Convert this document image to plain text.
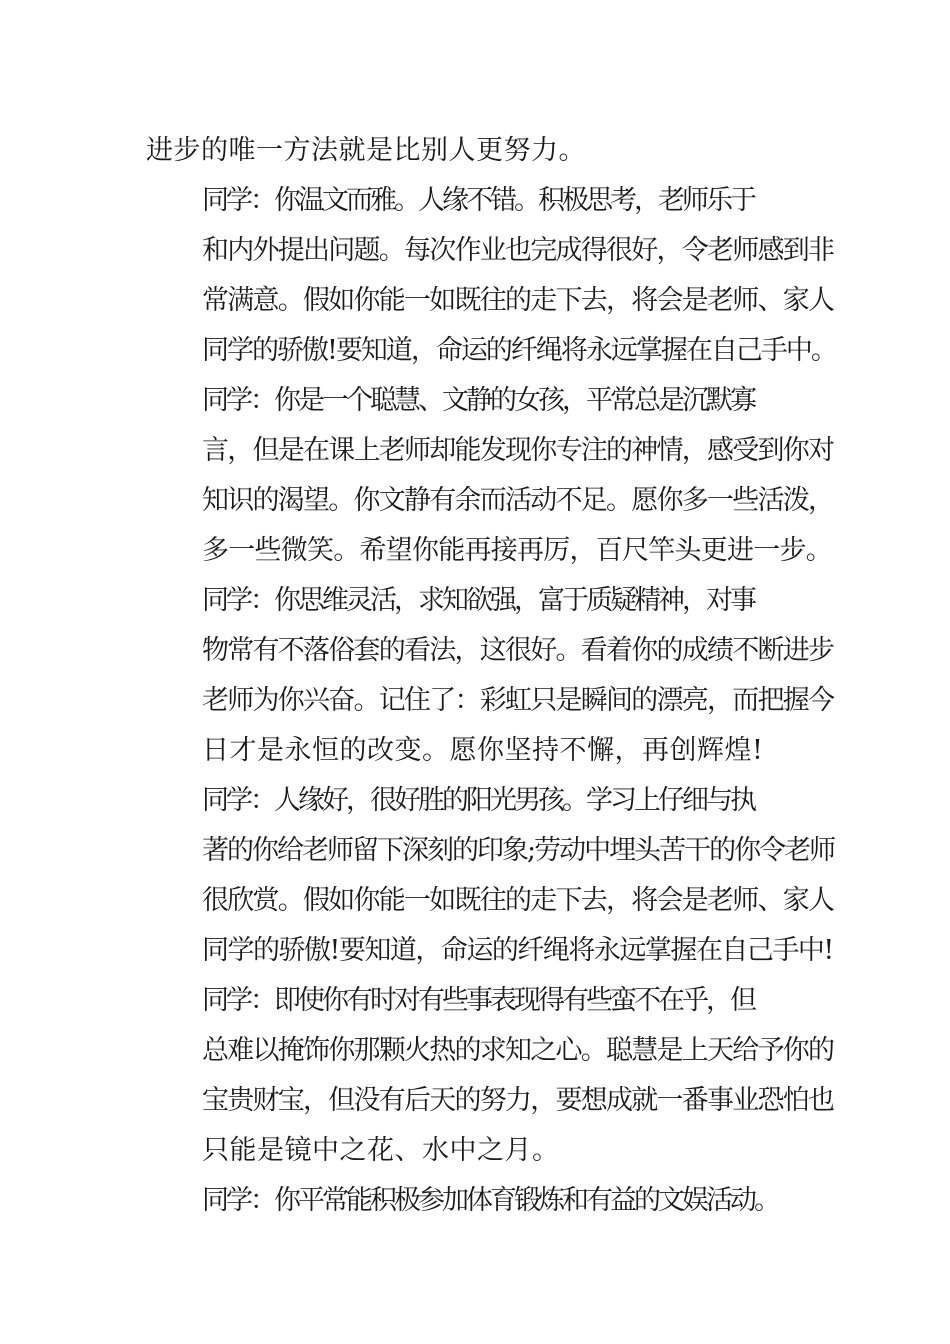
进步的唯一方法就是比别人更努力。
同学：你温文而雅。人缘不错。积极思考，老师乐于
和内外提出问题。每次作业也完成得很好，令老师感到非
常满意。假如你能一如既往的走下去，将会是老师、家人
同学的骄傲!要知道，命运的纤绳将永远掌握在自己手中。
同学：你是一个聪慧、文静的女孩，平常总是沉默寡
言，但是在课上老师却能发现你专注的神情，感受到你对
知识的渴望。你文静有余而活动不足。愿你多一些活泼，
多一些微笑。希望你能再接再厉，百尺竿头更进一步。
同学：你思维灵活，求知欲强，富于质疑精神，对事
物常有不落俗套的看法，这很好。看着你的成绩不断进步
老师为你兴奋。记住了：彩虹只是瞬间的漂亮，而把握今
日才是永恒的改变。愿你坚持不懈，再创辉煌!
同学：人缘好，很好胜的阳光男孩。学习上仔细与执
著的你给老师留下深刻的印象;劳动中埋头苦干的你令老师
很欣赏。假如你能一如既往的走下去，将会是老师、家人
同学的骄傲!要知道，命运的纤绳将永远掌握在自己手中!
同学：即使你有时对有些事表现得有些蛮不在乎，但
总难以掩饰你那颗火热的求知之心。聪慧是上天给予你的
宝贵财宝，但没有后天的努力，要想成就一番事业恐怕也
只能是镜中之花、水中之月。
同学：你平常能积极参加体育锻炼和有益的文娱活动。
